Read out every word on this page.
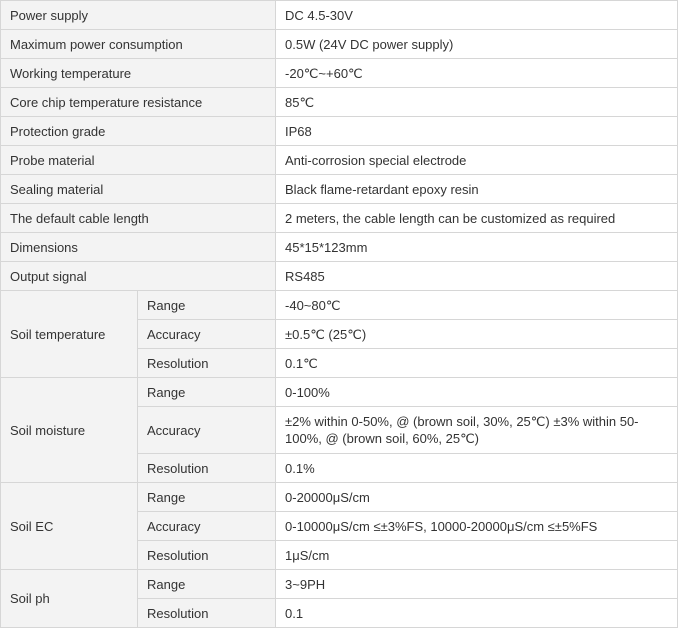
Power supply		DC 4.5-30V
Maximum power consumption		0.5W (24V DC power supply)
Working temperature		-20℃~+60℃
Core chip temperature resistance		85℃
Protection grade		IP68
Probe material		Anti-corrosion special electrode
Sealing material		Black flame-retardant epoxy resin
The default cable length		2 meters, the cable length can be customized as required
Dimensions		45*15*123mm
Output signal		RS485
Soil temperature	Range	-40~80℃
	Accuracy	±0.5℃ (25℃)
	Resolution	0.1℃
Soil moisture	Range	0-100%
	Accuracy	±2% within 0-50%, @ (brown soil, 30%, 25℃) ±3% within 50-100%, @ (brown soil, 60%, 25℃)
	Resolution	0.1%
Soil EC	Range	0-20000μS/cm
	Accuracy	0-10000μS/cm ≤±3%FS, 10000-20000μS/cm ≤±5%FS
	Resolution	1μS/cm
Soil ph	Range	3~9PH
	Resolution	0.1
